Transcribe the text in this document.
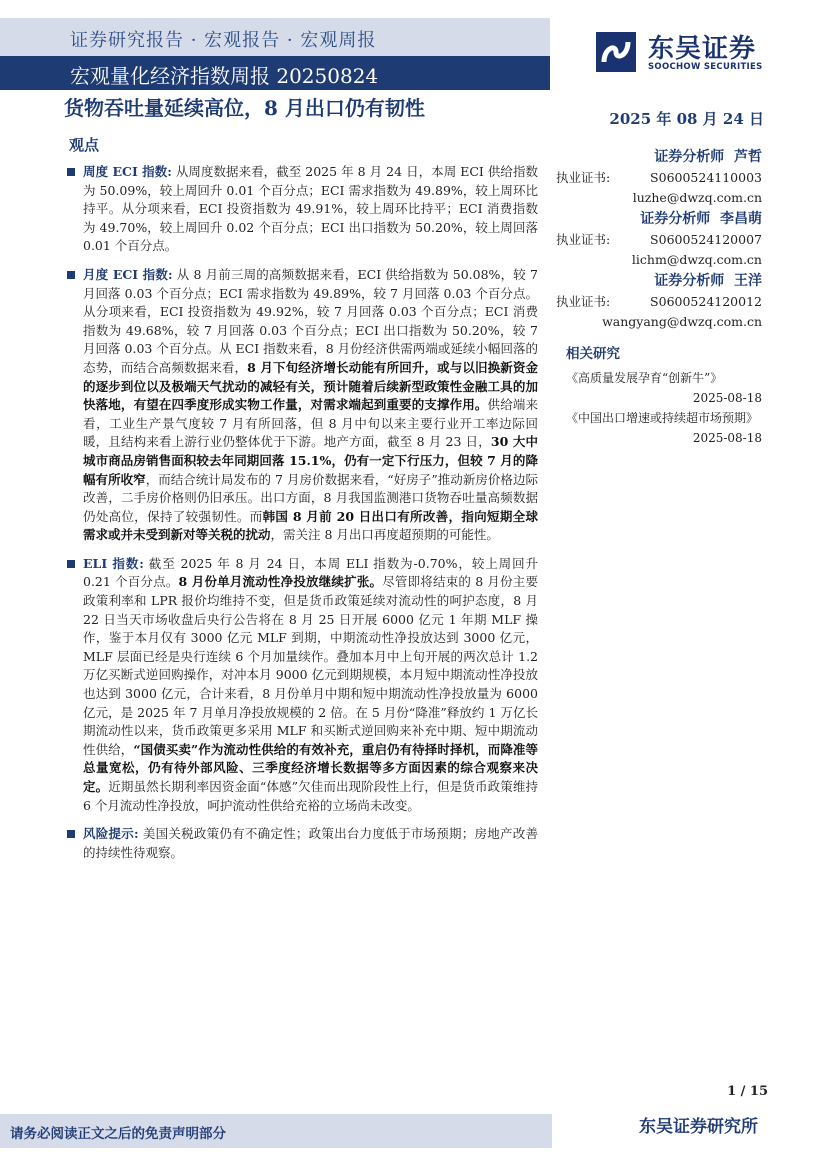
证券研究报告 · 宏观报告 · 宏观周报
宏观量化经济指数周报 20250824
东吴证券
SOOCHOW SECURITIES
货物吞吐量延续高位，8 月出口仍有韧性	2025 年 08 月 24 日
观点
周度 ECI 指数: 从周度数据来看，截至 2025 年 8 月 24 日，本周 ECI 供给指数为 50.09%，较上周回升 0.01 个百分点；ECI 需求指数为 49.89%，较上周环比持平。从分项来看，ECI 投资指数为 49.91%，较上周环比持平；ECI 消费指数为 49.70%，较上周回升 0.02 个百分点；ECI 出口指数为 50.20%，较上周回落 0.01 个百分点。
月度 ECI 指数: 从 8 月前三周的高频数据来看，ECI 供给指数为 50.08%，较 7 月回落 0.03 个百分点；ECI 需求指数为 49.89%，较 7 月回落 0.03 个百分点。从分项来看，ECI 投资指数为 49.92%，较 7 月回落 0.03 个百分点；ECI 消费指数为 49.68%，较 7 月回落 0.03 个百分点；ECI 出口指数为 50.20%，较 7 月回落 0.03 个百分点。从 ECI 指数来看，8 月份经济供需两端或延续小幅回落的态势，而结合高频数据来看，8 月下旬经济增长动能有所回升，或与以旧换新资金的逐步到位以及极端天气扰动的减轻有关，预计随着后续新型政策性金融工具的加快落地，有望在四季度形成实物工作量，对需求端起到重要的支撑作用。供给端来看，工业生产景气度较 7 月有所回落，但 8 月中旬以来主要行业开工率边际回暖，且结构来看上游行业仍整体优于下游。地产方面，截至 8 月 23 日，30 大中城市商品房销售面积较去年同期回落 15.1%，仍有一定下行压力，但较 7 月的降幅有所收窄，而结合统计局发布的 7 月房价数据来看，“好房子”推动新房价格边际改善，二手房价格则仍旧承压。出口方面，8 月我国监测港口货物吞吐量高频数据仍处高位，保持了较强韧性。而韩国 8 月前 20 日出口有所改善，指向短期全球需求或并未受到新对等关税的扰动，需关注 8 月出口再度超预期的可能性。
ELI 指数: 截至 2025 年 8 月 24 日，本周 ELI 指数为-0.70%，较上周回升 0.21 个百分点。8 月份单月流动性净投放继续扩张。尽管即将结束的 8 月份主要政策利率和 LPR 报价均维持不变，但是货币政策延续对流动性的呵护态度，8 月 22 日当天市场收盘后央行公告将在 8 月 25 日开展 6000 亿元 1 年期 MLF 操作，鉴于本月仅有 3000 亿元 MLF 到期，中期流动性净投放达到 3000 亿元，MLF 层面已经是央行连续 6 个月加量续作。叠加本月中上旬开展的两次总计 1.2 万亿买断式逆回购操作，对冲本月 9000 亿元到期规模，本月短中期流动性净投放也达到 3000 亿元，合计来看，8 月份单月中期和短中期流动性净投放量为 6000 亿元，是 2025 年 7 月单月净投放规模的 2 倍。在 5 月份“降准”释放约 1 万亿长期流动性以来，货币政策更多采用 MLF 和买断式逆回购来补充中期、短中期流动性供给，“国债买卖”作为流动性供给的有效补充，重启仍有待择时择机，而降准等总量宽松，仍有待外部风险、三季度经济增长数据等多方面因素的综合观察来决定。近期虽然长期利率因资金面“体感”欠佳而出现阶段性上行，但是货币政策维持 6 个月流动性净投放，呵护流动性供给充裕的立场尚未改变。
风险提示: 美国关税政策仍有不确定性；政策出台力度低于市场预期；房地产改善的持续性待观察。
证券分析师 芦哲
执业证书:	S0600524110003
luzhe@dwzq.com.cn
证券分析师 李昌萌
执业证书:	S0600524120007
lichm@dwzq.com.cn
证券分析师 王洋
执业证书:	S0600524120012
wangyang@dwzq.com.cn
相关研究
《高质量发展孕育“创新牛”》
2025-08-18
《中国出口增速或持续超市场预期》
2025-08-18
1 / 15
请务必阅读正文之后的免责声明部分	东吴证券研究所
